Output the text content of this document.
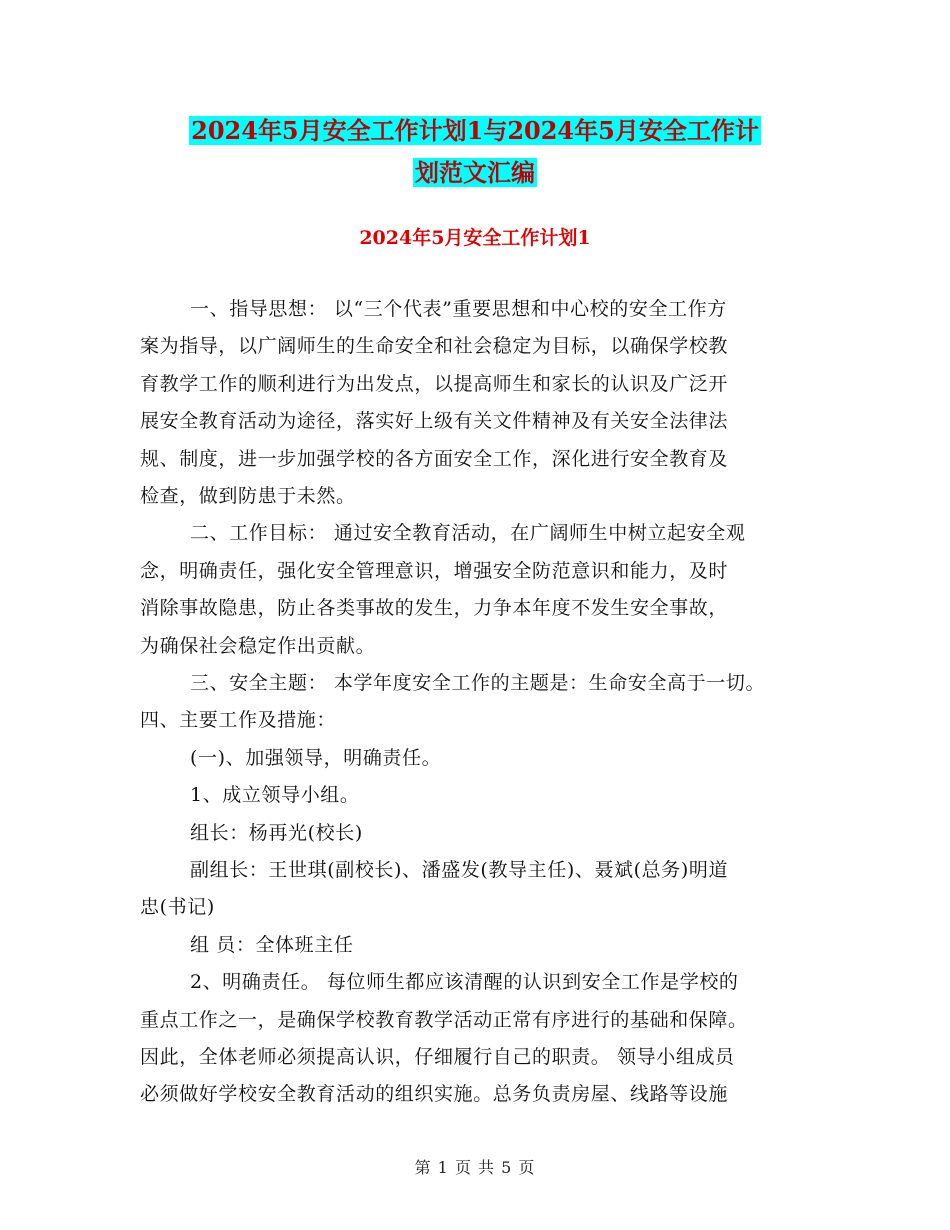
2024年5月安全工作计划1与2024年5月安全工作计
划范文汇编
2024年5月安全工作计划1
一、指导思想： 以“三个代表”重要思想和中心校的安全工作方
案为指导，以广阔师生的生命安全和社会稳定为目标，以确保学校教
育教学工作的顺利进行为出发点，以提高师生和家长的认识及广泛开
展安全教育活动为途径，落实好上级有关文件精神及有关安全法律法
规、制度，进一步加强学校的各方面安全工作，深化进行安全教育及
检查，做到防患于未然。
二、工作目标： 通过安全教育活动，在广阔师生中树立起安全观
念，明确责任，强化安全管理意识，增强安全防范意识和能力，及时
消除事故隐患，防止各类事故的发生，力争本年度不发生安全事故，
为确保社会稳定作出贡献。
三、安全主题： 本学年度安全工作的主题是：生命安全高于一切。
四、主要工作及措施：
(一)、加强领导，明确责任。
1、成立领导小组。
组长：杨再光(校长)
副组长：王世琪(副校长)、潘盛发(教导主任)、聂斌(总务)明道
忠(书记)
组 员：全体班主任
2、明确责任。 每位师生都应该清醒的认识到安全工作是学校的
重点工作之一，是确保学校教育教学活动正常有序进行的基础和保障。
因此，全体老师必须提高认识，仔细履行自己的职责。 领导小组成员
必须做好学校安全教育活动的组织实施。总务负责房屋、线路等设施
第 1 页 共 5 页
